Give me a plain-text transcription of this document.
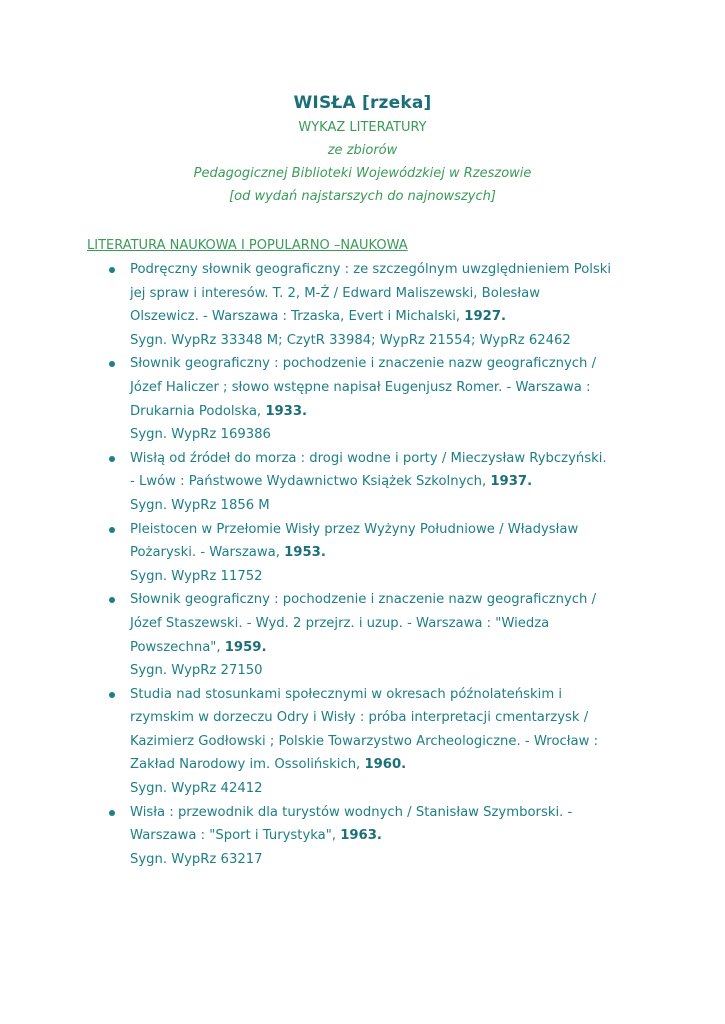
WISŁA [rzeka]

WYKAZ LITERATURY

ze zbiorów

Pedagogicznej Biblioteki Wojewódzkiej w Rzeszowie

[od wydań najstarszych do najnowszych]

LITERATURA NAUKOWA I POPULARNO –NAUKOWA

Podręczny słownik geograficzny : ze szczególnym uwzględnieniem Polski

jej spraw i interesów. T. 2, M-Ż / Edward Maliszewski, Bolesław

Olszewicz. - Warszawa : Trzaska, Evert i Michalski, 1927.

Sygn. WypRz 33348 M; CzytR 33984; WypRz 21554; WypRz 62462

Słownik geograficzny : pochodzenie i znaczenie nazw geograficznych /

Józef Haliczer ; słowo wstępne napisał Eugenjusz Romer. - Warszawa :

Drukarnia Podolska, 1933.

Sygn. WypRz 169386

Wisłą od źródeł do morza : drogi wodne i porty / Mieczysław Rybczyński.

- Lwów : Państwowe Wydawnictwo Książek Szkolnych, 1937.

Sygn. WypRz 1856 M

Pleistocen w Przełomie Wisły przez Wyżyny Południowe / Władysław

Pożaryski. - Warszawa, 1953.

Sygn. WypRz 11752

Słownik geograficzny : pochodzenie i znaczenie nazw geograficznych /

Józef Staszewski. - Wyd. 2 przejrz. i uzup. - Warszawa : "Wiedza

Powszechna", 1959.

Sygn. WypRz 27150

Studia nad stosunkami społecznymi w okresach późnolateńskim i

rzymskim w dorzeczu Odry i Wisły : próba interpretacji cmentarzysk /

Kazimierz Godłowski ; Polskie Towarzystwo Archeologiczne. - Wrocław :

Zakład Narodowy im. Ossolińskich, 1960.

Sygn. WypRz 42412

Wisła : przewodnik dla turystów wodnych / Stanisław Szymborski. -

Warszawa : "Sport i Turystyka", 1963.

Sygn. WypRz 63217
